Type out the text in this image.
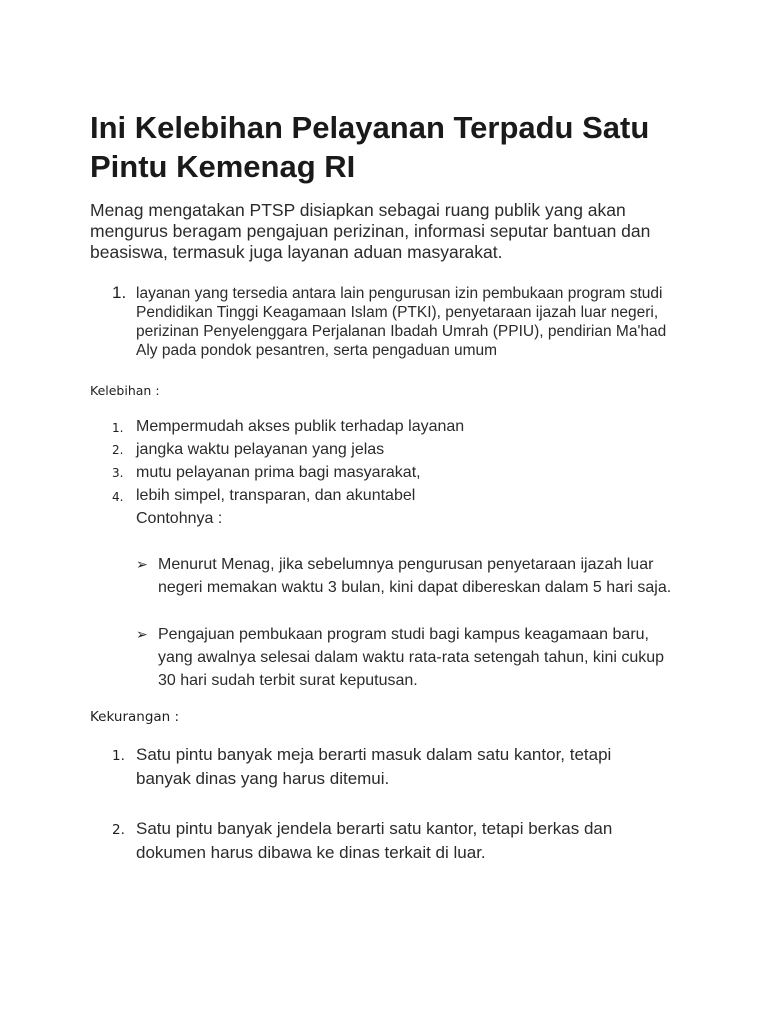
Ini Kelebihan Pelayanan Terpadu Satu Pintu Kemenag RI

Menag mengatakan PTSP disiapkan sebagai ruang publik yang akan mengurus beragam pengajuan perizinan, informasi seputar bantuan dan beasiswa, termasuk juga layanan aduan masyarakat.

1. layanan yang tersedia antara lain pengurusan izin pembukaan program studi Pendidikan Tinggi Keagamaan Islam (PTKI), penyetaraan ijazah luar negeri, perizinan Penyelenggara Perjalanan Ibadah Umrah (PPIU), pendirian Ma'had Aly pada pondok pesantren, serta pengaduan umum
Kelebihan :
1. Mempermudah akses publik terhadap layanan
2. jangka waktu pelayanan yang jelas
3. mutu pelayanan prima bagi masyarakat,
4. lebih simpel, transparan, dan akuntabel
Contohnya :
➢ Menurut Menag, jika sebelumnya pengurusan penyetaraan ijazah luar negeri memakan waktu 3 bulan, kini dapat dibereskan dalam 5 hari saja.
➢ Pengajuan pembukaan program studi bagi kampus keagamaan baru, yang awalnya selesai dalam waktu rata-rata setengah tahun, kini cukup 30 hari sudah terbit surat keputusan.
Kekurangan :
1. Satu pintu banyak meja berarti masuk dalam satu kantor, tetapi banyak dinas yang harus ditemui.
2. Satu pintu banyak jendela berarti satu kantor, tetapi berkas dan dokumen harus dibawa ke dinas terkait di luar.
